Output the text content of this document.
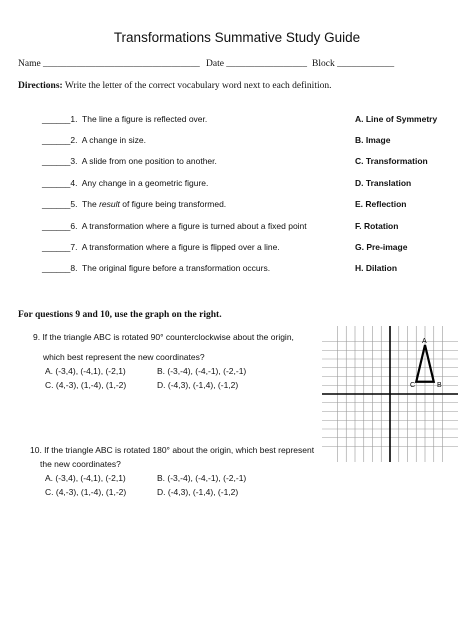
Transformations Summative Study Guide
Name _________________________________ Date _________________ Block ____________
Directions: Write the letter of the correct vocabulary word next to each definition.
______1. The line a figure is reflected over.
______2. A change in size.
______3. A slide from one position to another.
______4. Any change in a geometric figure.
______5. The result of figure being transformed.
______6. A transformation where a figure is turned about a fixed point
______7. A transformation where a figure is flipped over a line.
______8. The original figure before a transformation occurs.
A. Line of Symmetry
B. Image
C. Transformation
D. Translation
E. Reflection
F. Rotation
G. Pre-image
H. Dilation
For questions 9 and 10, use the graph on the right.
9. If the triangle ABC is rotated 90° counterclockwise about the origin,
which best represent the new coordinates?
A. (-3,4), (-4,1), (-2,1)	B. (-3,-4), (-4,-1), (-2,-1)
C. (4,-3), (1,-4), (1,-2)	D. (-4,3), (-1,4), (-1,2)
10. If the triangle ABC is rotated 180° about the origin, which best represent
the new coordinates?
A. (-3,4), (-4,1), (-2,1)	B. (-3,-4), (-4,-1), (-2,-1)
C. (4,-3), (1,-4), (1,-2)	D. (-4,3), (-1,4), (-1,2)
A
C	B
